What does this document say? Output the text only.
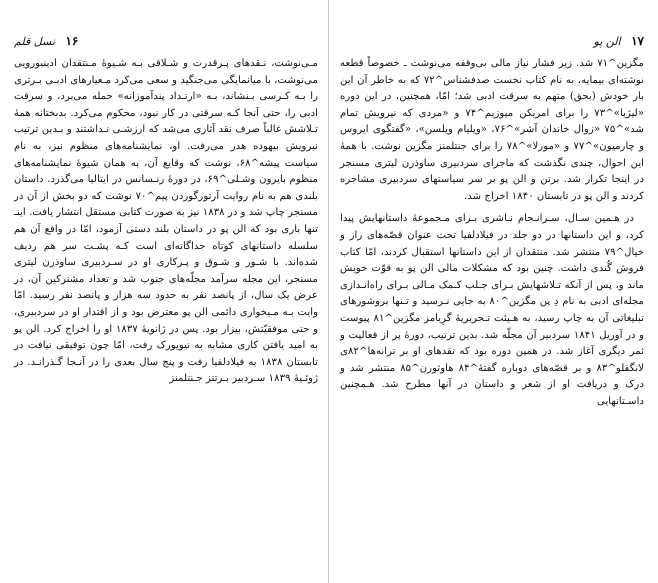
۱۶   نسل قلم

مـی‌نوشت، نـقدهای پـرقدرت و شـلاقی بـه شـیوهٔ مـنتقدان ادینبورویی می‌نوشت، با میانمایگی می‌جنگید و سعی می‌کرد مـعیارهای ادبـی بـرتری را بـه کـرسی بـنشاند، بـه «ارتـداد پندآموزانه» حمله می‌برد، و سرقت ادبی را، حتی آنجا کـه سرقتی در کار نبود، محکوم می‌کرد. بدبختانه همهٔ تـلاشش غالباً صرف نقد آثاری می‌شد که ارزشـی نـداشتند و بـدین ترتیب نیرویش بیهوده هدر می‌رفت. او، نمایشنامه‌های منظوم نیز، به نام سیاست پیشه^۶۸، نوشت که وقایع آن، به همان شیوهٔ نمایشنامه‌های منظوم بایرون وشـلی^۶۹، در دورهٔ رنـسانس در ایتالیا می‌گذرد. داستان بلندی هم به نام روایت آرتورگوردن پیم^۷۰ نوشت که دو بخش از آن در مسنجر چاپ شد و در ۱۸۳۸ نیز به صورت کتابی مستقل انتشار یافت. اینـ تنها باری بود که الن پو در داستان بلند دستی آزمود، امّا در واقع آن هم سلسله داستانهای کوتاه جداگانه‌ای است کـه پشـت سر هم ردیف شده‌اند. با شـور و شـوق و پـرکاری او در سـردبیری ساوذرن لیتری مسنجر، این مجله سرآمد مجلّه‌های جنوب شد و تعداد مشترکین آن، در عرض یک سال، از پانصد نفر به حدود سه هزار و پانصد نفر رسید. امّا وایت بـه مـیخواری دائمی الن پو معترض بود و از اقتدار او در سردبیری، و حتی موفقیّتش، بیزار بود. پس در ژانویهٔ ۱۸۳۷ او را اخراج کرد. الن پو به امید یافتن کاری مشابه به نیویورک رفت، امّا چون توفیقی نیافت در تابستان ۱۸۳۸ به فیلادلفیا رفت و پنج سال بعدی را در آنـجا گـذرانـد. در ژوئـیهٔ ۱۸۳۹ سـردبیر بـرتنز جـنتلمنز

۱۷   الن پو

مگزین^۷۱ شد. زیر فشار نیاز مالی بی‌وقفه می‌نوشت ـ خصوصاً قطعه نوشته‌ای بیمایه، به نام کتاب نخست صدفشناس^۷۲ که به خاطر آن این بار خودش (بحق) متهم به سرقت ادبی شد؛ امّا، همچنین، در این دوره «لیژیا»^۷۳ را برای امریکن میوزیم^۷۴ و «مردی که نیرویش تمام شد»^۷۵ «زوال خاندان آشر»^۷۶، «ویلیام ویلسن»، «گفتگوی ایروس و چارمیون»^۷۷ و «مورلا»^۷۸ را برای جنتلمنز مگزین نوشت. با همهٔ این احوال، چندی نگذشت که ماجرای سردبیری ساوذرن لیتری مسنجر در اینجا تکرار شد. برتن و الن پو بر سر سیاستهای سردبیری مشاجره کردند و الن پو در تابستان ۱۸۴۰ اخراج شد.

در هـمین سـال، سـرانـجام نـاشری بـرای مـجموعهٔ داستانهایش پیدا کرد، و این داستانها در دو جلد در فیلادلفیا تحت عنوان قصّه‌های راز و خیال^۷۹ منتشر شد. منتقدان از این داستانها استقبال کردند، امّا کتاب فروش گُندی داشت. چنین بود که مشکلات مالی الن پو به قوّت خویش ماند و، پس از آنکه تـلاشهایش بـرای جـلب کـمک مـالی بـرای راه‌انـدازی مجله‌ای ادبی به نام دِ پن مگزین^۸۰ به جایی نـرسید و تـنها بروشورهای تبلیغاتی آن به چاپ رسید، به هـیئت تـحریریهٔ گرِیامز مگزین^۸۱ پیوست و در آوریل ۱۸۴۱ سردبیر آن مجلّه شد. بدین ترتیب، دورهٔ پر از فعالیت و ثمر دیگری آغاز شد. در همین دوره بود که نقدهای او بر ترانه‌ها^۸۲ی لانگفلو^۸۳ و بر قصّه‌های دوباره گفتهٔ^۸۴ هاوثورن^۸۵ منتشر شد و درک و دریافت او از شعر و داستان در آنها مطرح شد. هـمچنین داسـتانهایی
